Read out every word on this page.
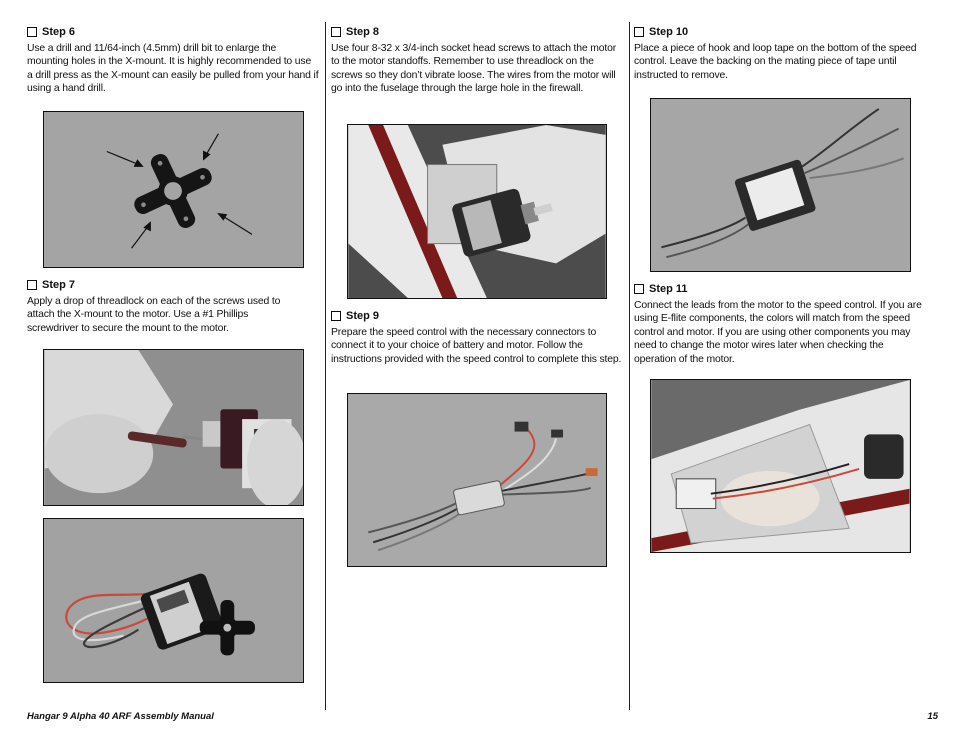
Step 6

Use a drill and 11/64-inch (4.5mm) drill bit to enlarge the mounting holes in the X-mount. It is highly recommended to use a drill press as the X-mount can easily be pulled from your hand if using a hand drill.

Step 7

Apply a drop of threadlock on each of the screws used to attach the X-mount to the motor. Use a #1 Phillips screwdriver to secure the mount to the motor.

Step 8

Use four 8-32 x 3/4-inch socket head screws to attach the motor to the motor standoffs. Remember to use threadlock on the screws so they don’t vibrate loose. The wires from the motor will go into the fuselage through the large hole in the firewall.

Step 9

Prepare the speed control with the necessary connectors to connect it to your choice of battery and motor. Follow the instructions provided with the speed control to complete this step.

Step 10

Place a piece of hook and loop tape on the bottom of the speed control. Leave the backing on the mating piece of tape until instructed to remove.

Step 11

Connect the leads from the motor to the speed control. If you are using E-flite components, the colors will match from the speed control and motor. If you are using other components you may need to change the motor wires later when checking the operation of the motor.

Hangar 9 Alpha 40 ARF Assembly Manual	15
